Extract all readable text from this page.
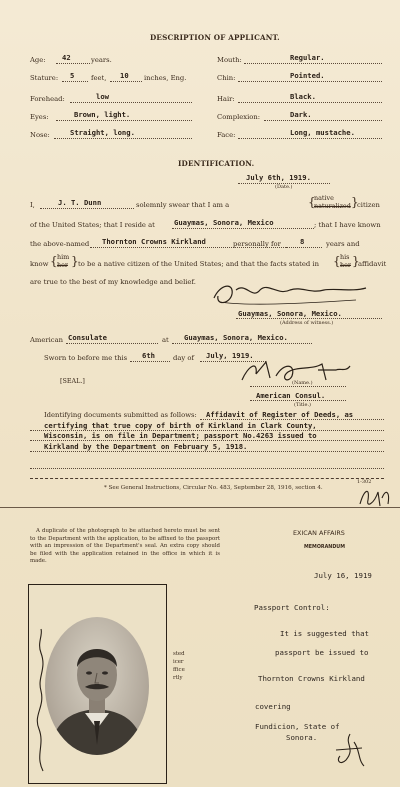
DESCRIPTION OF APPLICANT.
Age: 42	years.
Stature: 5 feet, 10 inches, Eng.
Forehead:	low
Eyes:	Brown, light.
Nose:	Straight, long.
Mouth:	Regular.
Chin:	Pointed.
Hair:	Black.
Complexion:	Dark.
Face:	Long, mustache.
IDENTIFICATION.
July 6th, 1919.
(Date.)
I,	J. T. Dunn	solemnly swear that I am a	{
native
naturalized }
citizen
of the United States; that I reside at	Guaymas, Sonora, Mexico	; that I have known
the above-named Thornton Crowns Kirkland	personally for	8	years and
know { him
her } to be a native citizen of the United States; and that the facts stated in { his
her }
affidavit
are true to the best of my knowledge and belief.
Guaymas, Sonora, Mexico.
(Address of witness.)
American Consulate	at Guaymas, Sonora, Mexico.
Sworn to before me this 6th	day of July, 1919.
[SEAL.]	(Name.)
American Consul.
(Title.)
Identifying documents submitted as follows: Affidavit of Register of Deeds, as
certifying that true copy of birth of Kirkland in Clark County,
Wisconsin, is on file in Department; passport No.4263 issued to
Kirkland by the Department on February 5, 1918.
* See General Instructions, Circular No. 483, September 28, 1916, section 4.
1-302
A duplicate of the photograph to be attached hereto must be sent to the Department with the application, to be affixed to the passport with an impression of the Department's seal. An extra copy should be filed with the application retained in the office in which it is made.
sted
icer
ffice
rtly
EXICAN AFFAIRS
MEMORANDUM
July 16, 1919
Passport Control:
It is suggested that
passport be issued to
Thornton Crowns Kirkland
covering
Fundicion, State of
Sonora.
